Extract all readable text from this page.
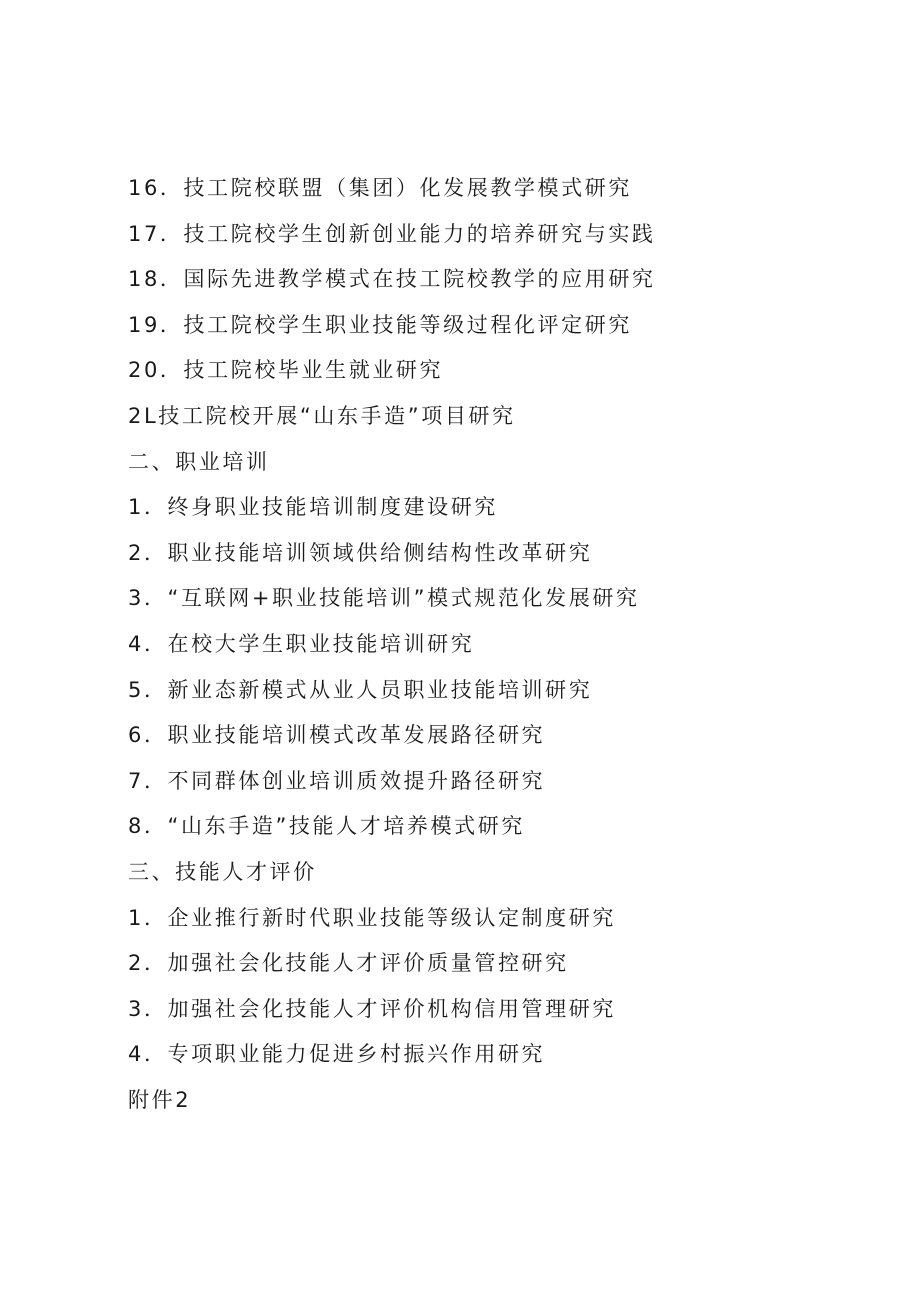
16．技工院校联盟（集团）化发展教学模式研究
17．技工院校学生创新创业能力的培养研究与实践
18．国际先进教学模式在技工院校教学的应用研究
19．技工院校学生职业技能等级过程化评定研究
20．技工院校毕业生就业研究
2L技工院校开展“山东手造”项目研究
二、职业培训
1．终身职业技能培训制度建设研究
2．职业技能培训领域供给侧结构性改革研究
3．“互联网+职业技能培训”模式规范化发展研究
4．在校大学生职业技能培训研究
5．新业态新模式从业人员职业技能培训研究
6．职业技能培训模式改革发展路径研究
7．不同群体创业培训质效提升路径研究
8．“山东手造”技能人才培养模式研究
三、技能人才评价
1．企业推行新时代职业技能等级认定制度研究
2．加强社会化技能人才评价质量管控研究
3．加强社会化技能人才评价机构信用管理研究
4．专项职业能力促进乡村振兴作用研究
附件2
